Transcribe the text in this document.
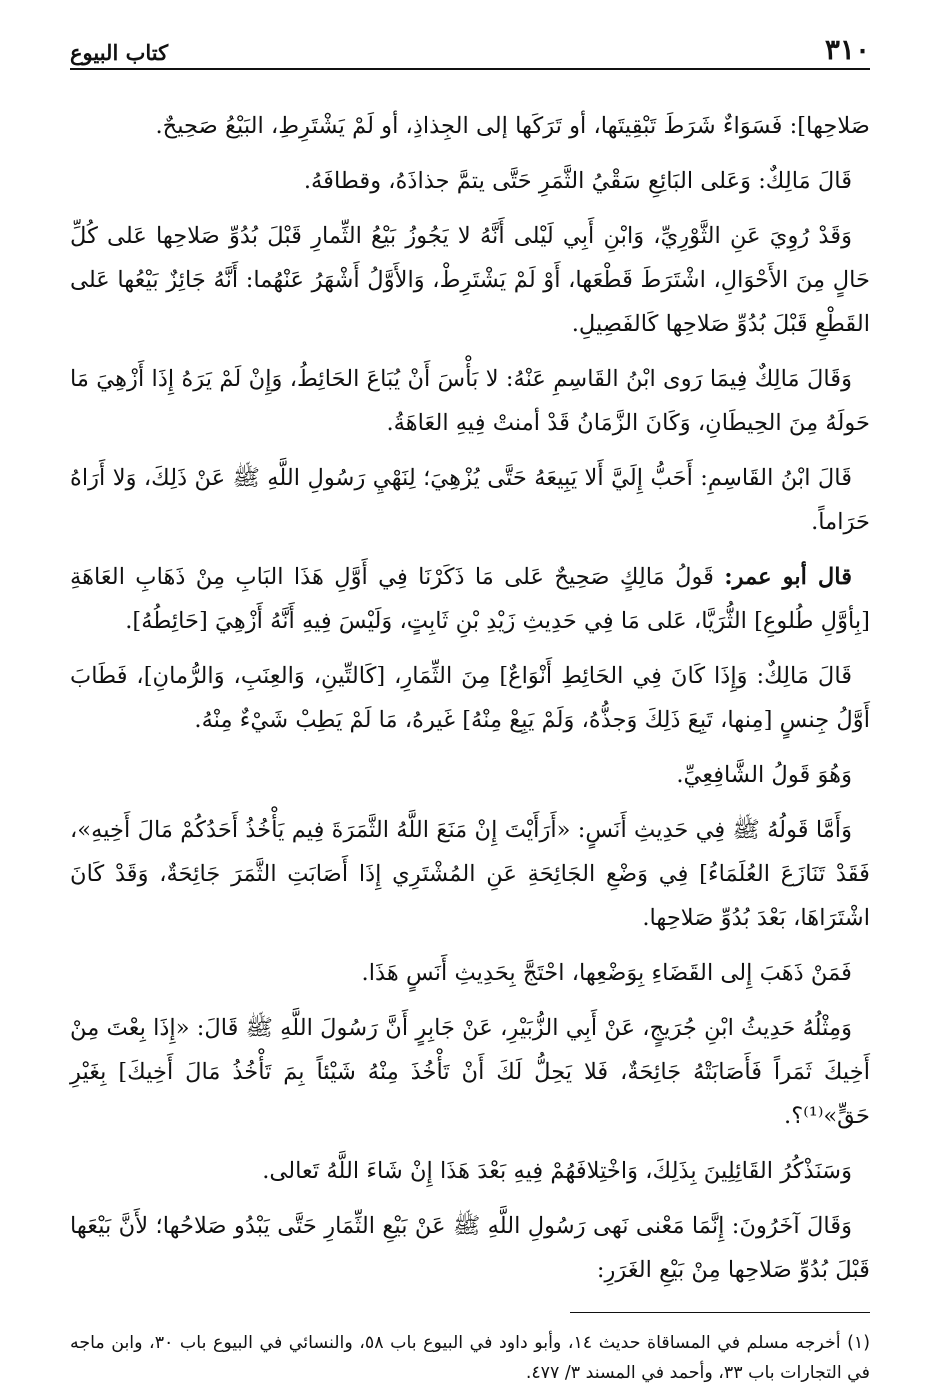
٣١٠
كتاب البيوع

صَلاحِها]: فَسَوَاءٌ شَرَطَ تَبْقِيتَها، أو تَرَكَها إلى الجِذاذِ، أو لَمْ يَشْتَرِطِ، البَيْعُ صَحِيحٌ.

قَالَ مَالِكٌ: وَعَلى البَائِعِ سَقْيُ الثَّمَرِ حَتَّى يتمَّ جذاذَهُ، وقطافَهُ.

وَقَدْ رُوِيَ عَنِ الثَّوْرِيِّ، وَابْنِ أَبِي لَيْلى أَنَّهُ لا يَجُوزُ بَيْعُ الثِّمارِ قَبْلَ بُدُوِّ صَلاحِها عَلى كُلِّ حَالٍ مِنَ الأَحْوَالِ، اشْتَرَطَ قَطْعَها، أَوْ لَمْ يَشْتَرِطْ، وَالأَوَّلُ أَشْهَرُ عَنْهُما: أَنَّهُ جَائِزٌ بَيْعُها عَلى القَطْعِ قَبْلَ بُدُوِّ صَلاحِها كَالفَصِيلِ.

وَقَالَ مَالِكٌ فِيمَا رَوى ابْنُ القَاسِمِ عَنْهُ: لا بَأْسَ أَنْ يُبَاعَ الحَائِطُ، وَإِنْ لَمْ يَرَهُ إِذَا أَزْهِيَ مَا حَولَهُ مِنَ الحِيطَانِ، وَكَانَ الزَّمَانُ قَدْ أمنتْ فِيهِ العَاهَةُ.

قَالَ ابْنُ القَاسِمِ: أَحَبُّ إِلَيَّ أَلا يَبِيعَهُ حَتَّى يُزْهِيَ؛ لِنَهْيِ رَسُولِ اللَّهِ ﷺ عَنْ ذَلِكَ، وَلا أَرَاهُ حَرَاماً.

قال أبو عمر: قَولُ مَالِكٍ صَحِيحٌ عَلى مَا ذَكَرْنَا فِي أَوَّلِ هَذَا البَابِ مِنْ ذَهَابِ العَاهَةِ [بِأوَّلِ طُلوعِ] الثُّرَيَّا، عَلى مَا فِي حَدِيثِ زَيْدِ بْنِ ثَابِتٍ، وَلَيْسَ فِيهِ أَنَّهُ أَزْهِيَ [حَائِطُهُ].

قَالَ مَالِكٌ: وَإِذَا كَانَ فِي الحَائِطِ أَنْوَاعٌ] مِنَ الثِّمَارِ، [كَالتِّينِ، وَالعِنَبِ، وَالرُّمانِ]، فَطَابَ أَوَّلُ جِنسٍ [مِنها، تَبِعَ ذَلِكَ وَجذُّهُ، وَلَمْ يَبِعْ مِنْهُ] غَيرهُ، مَا لَمْ يَطِبْ شَيْءٌ مِنْهُ.

وَهُوَ قَولُ الشَّافِعِيِّ.

وَأَمَّا قَولُهُ ﷺ فِي حَدِيثِ أَنَسٍ: «أَرَأَيْتَ إِنْ مَنَعَ اللَّهُ الثَّمَرَةَ فِيم يَأْخُذُ أَحَدُكُمْ مَالَ أَخِيهِ»، فَقَدْ تَنَازَعَ العُلَمَاءُ] فِي وَضْعِ الجَائِحَةِ عَنِ المُشْتَرِي إِذَا أَصَابَتِ الثَّمَرَ جَائِحَةٌ، وَقَدْ كَانَ اشْتَرَاهَا، بَعْدَ بُدُوِّ صَلاحِها.

فَمَنْ ذَهَبَ إِلى القَضَاءِ بِوَضْعِها، احْتَجَّ بِحَدِيثِ أَنَسٍ هَذَا.

وَمِثْلُهُ حَدِيثُ ابْنِ جُرَيجٍ، عَنْ أَبِي الزُّبَيْرِ، عَنْ جَابِرٍ أَنَّ رَسُولَ اللَّهِ ﷺ قَالَ: «إِذَا بِعْتَ مِنْ أَخِيكَ ثَمَراً فَأَصَابَتْهُ جَائِحَةٌ، فَلا يَحِلُّ لَكَ أَنْ تَأْخُذَ مِنْهُ شَيْئاً بِمَ تَأْخُذُ مَالَ أَخِيكَ] بِغَيْرِ حَقٍّ»⁽¹⁾؟.

وَسَنَذْكُرُ القَائِلِينَ بِذَلِكَ، وَاخْتِلافَهُمْ فِيهِ بَعْدَ هَذَا إِنْ شَاءَ اللَّهُ تَعالى.

وَقَالَ آخَرُونَ: إِنَّمَا مَعْنى نَهى رَسُولِ اللَّهِ ﷺ عَنْ بَيْعِ الثِّمَارِ حَتَّى يَبْدُو صَلاحُها؛ لأَنَّ بَيْعَها قَبْلَ بُدُوِّ صَلاحِها مِنْ بَيْعِ الغَرَرِ:

(١) أخرجه مسلم في المساقاة حديث ١٤، وأبو داود في البيوع باب ٥٨، والنسائي في البيوع باب ٣٠، وابن ماجه في التجارات باب ٣٣، وأحمد في المسند ٣/ ٤٧٧.
